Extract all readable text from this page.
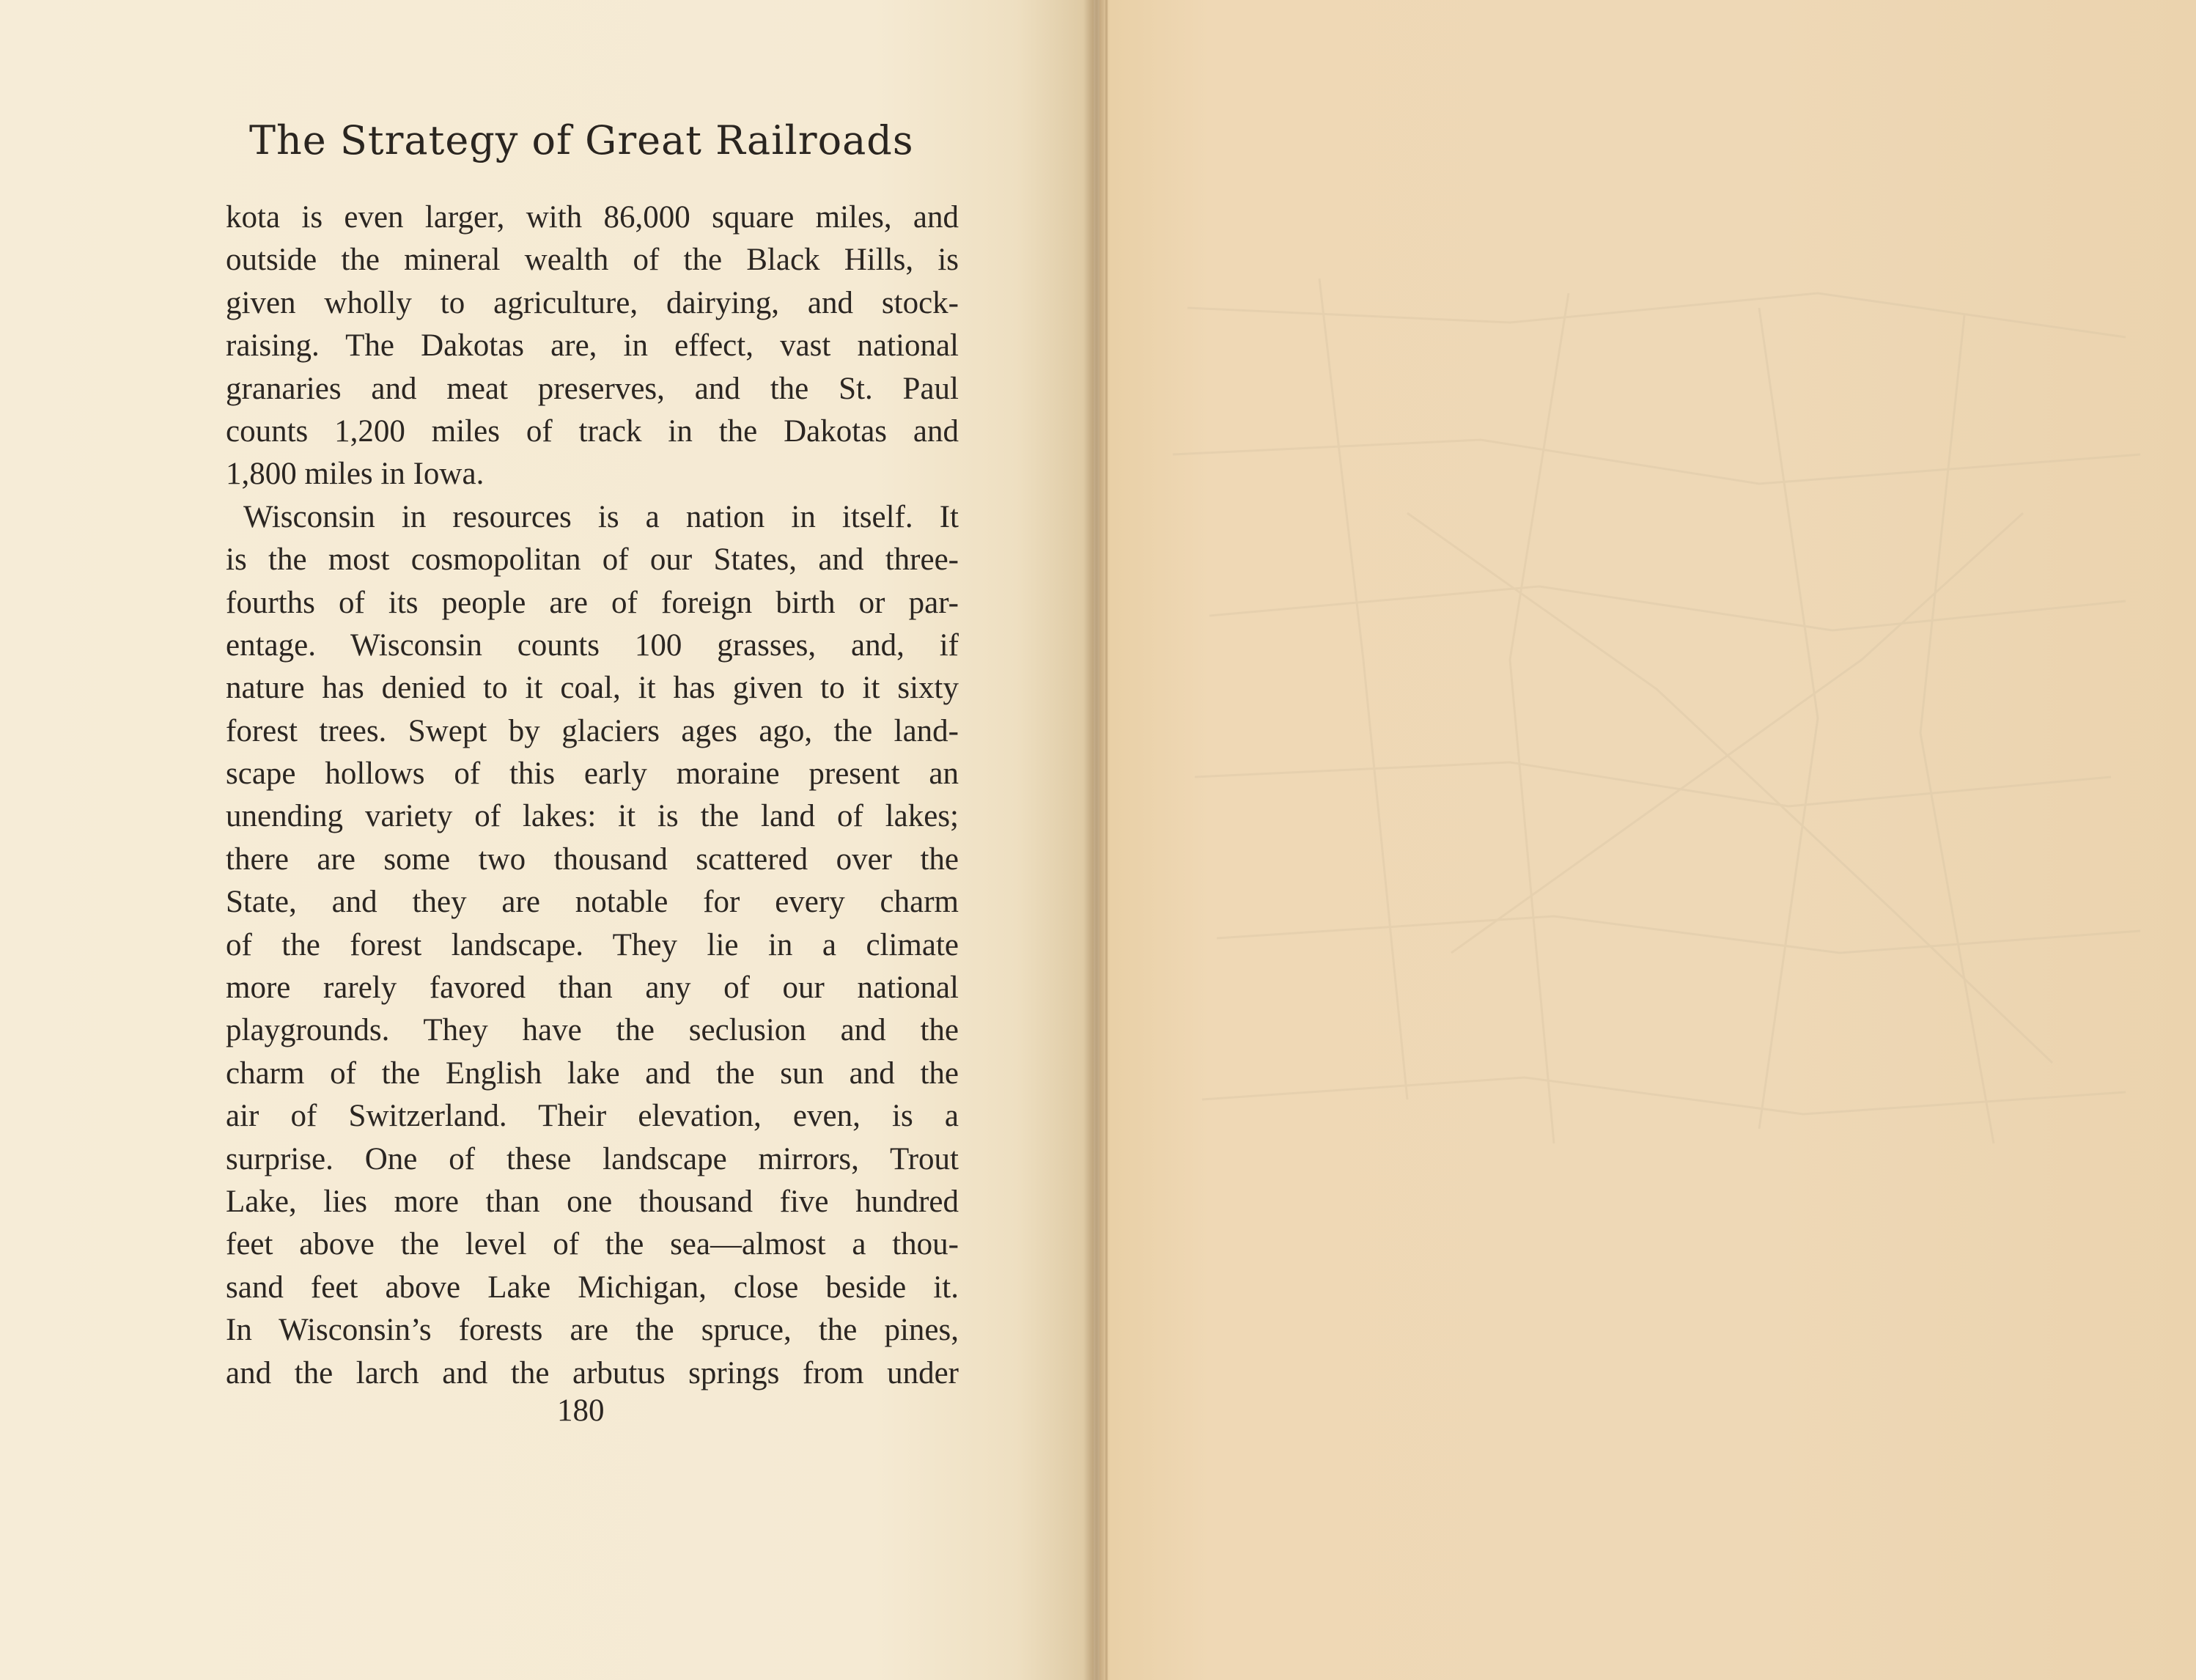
The Strategy of Great Railroads
kota is even larger, with 86,000 square miles, and
outside the mineral wealth of the Black Hills, is
given wholly to agriculture, dairying, and stock-
raising. The Dakotas are, in effect, vast national
granaries and meat preserves, and the St. Paul
counts 1,200 miles of track in the Dakotas and
1,800 miles in Iowa.
Wisconsin in resources is a nation in itself. It
is the most cosmopolitan of our States, and three-
fourths of its people are of foreign birth or par-
entage. Wisconsin counts 100 grasses, and, if
nature has denied to it coal, it has given to it sixty
forest trees. Swept by glaciers ages ago, the land-
scape hollows of this early moraine present an
unending variety of lakes: it is the land of lakes;
there are some two thousand scattered over the
State, and they are notable for every charm
of the forest landscape. They lie in a climate
more rarely favored than any of our national
playgrounds. They have the seclusion and the
charm of the English lake and the sun and the
air of Switzerland. Their elevation, even, is a
surprise. One of these landscape mirrors, Trout
Lake, lies more than one thousand five hundred
feet above the level of the sea—almost a thou-
sand feet above Lake Michigan, close beside it.
In Wisconsin’s forests are the spruce, the pines,
and the larch and the arbutus springs from under
180
